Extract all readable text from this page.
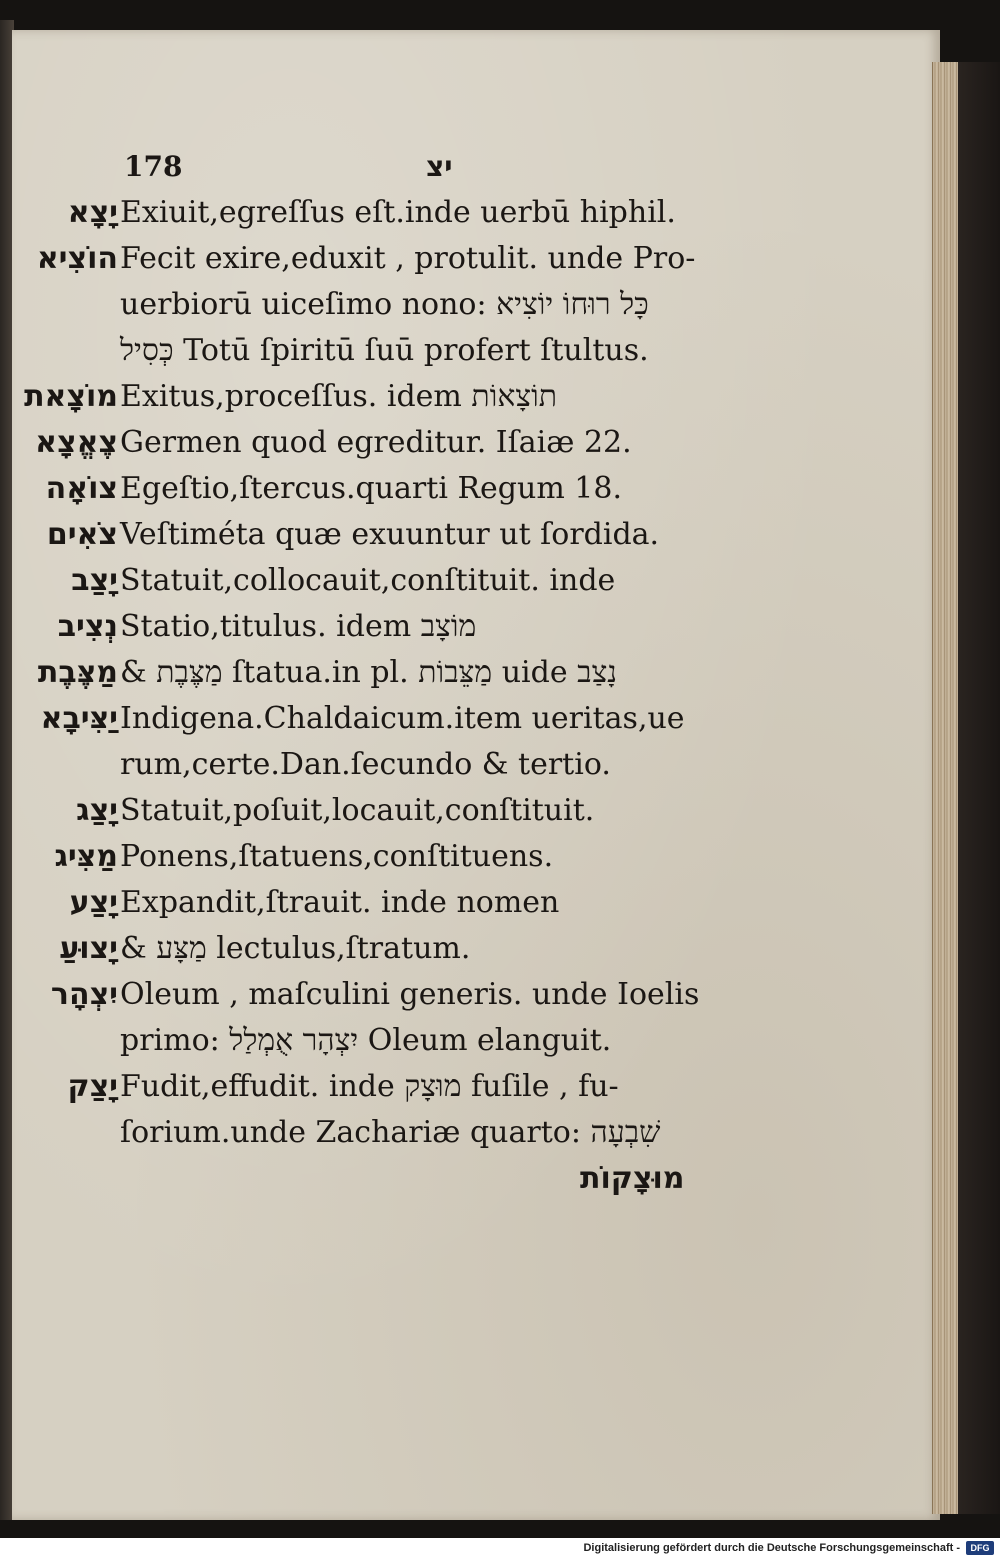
178	יצ
יָצָא Exiuit,egreſſus eſt.inde uerbū hiphil.
הוֹצִיא Fecit exire,eduxit , protulit. unde Pro-
uerbiorū uiceſimo nono: כָּל רוּחוֹ יוֹצִיא
כְּסִיל Totū ſpiritū ſuū profert ſtultus.
מוֹצָאת Exitus,proceſſus. idem תוֹצָאוֹת
צֶאֱצָא Germen quod egreditur. Iſaiæ 22.
צוֹאָה Egeſtio,ſtercus.quarti Regum 18.
צֹאִים Veſtiméta quæ exuuntur ut ſordida.
יָצַב Statuit,collocauit,conſtituit. inde
נְצִיב Statio,titulus. idem מוֹצָב
מַצֶּבֶת & מַצֶּבֶת ſtatua.in pl. מַצֵּבוֹת uide נָצַב
יַצִּיבָא Indigena.Chaldaicum.item ueritas,ue
rum,certe.Dan.ſecundo & tertio.
יָצַג Statuit,poſuit,locauit,conſtituit.
מַצִּיג Ponens,ſtatuens,conſtituens.
יָצַע Expandit,ſtrauit. inde nomen
יָצוּעַ & מַצָּע lectulus,ſtratum.
יִצְהָר Oleum , maſculini generis. unde Ioelis
primo: יִצְהָר אֻמְלַל Oleum elanguit.
יָצַק Fudit,effudit. inde מוּצָק fuſile , fu-
ſorium.unde Zachariæ quarto: שִׁבְעָה
מוּצָקוֹת
Digitalisierung gefördert durch die Deutsche Forschungsgemeinschaft -	DFG
